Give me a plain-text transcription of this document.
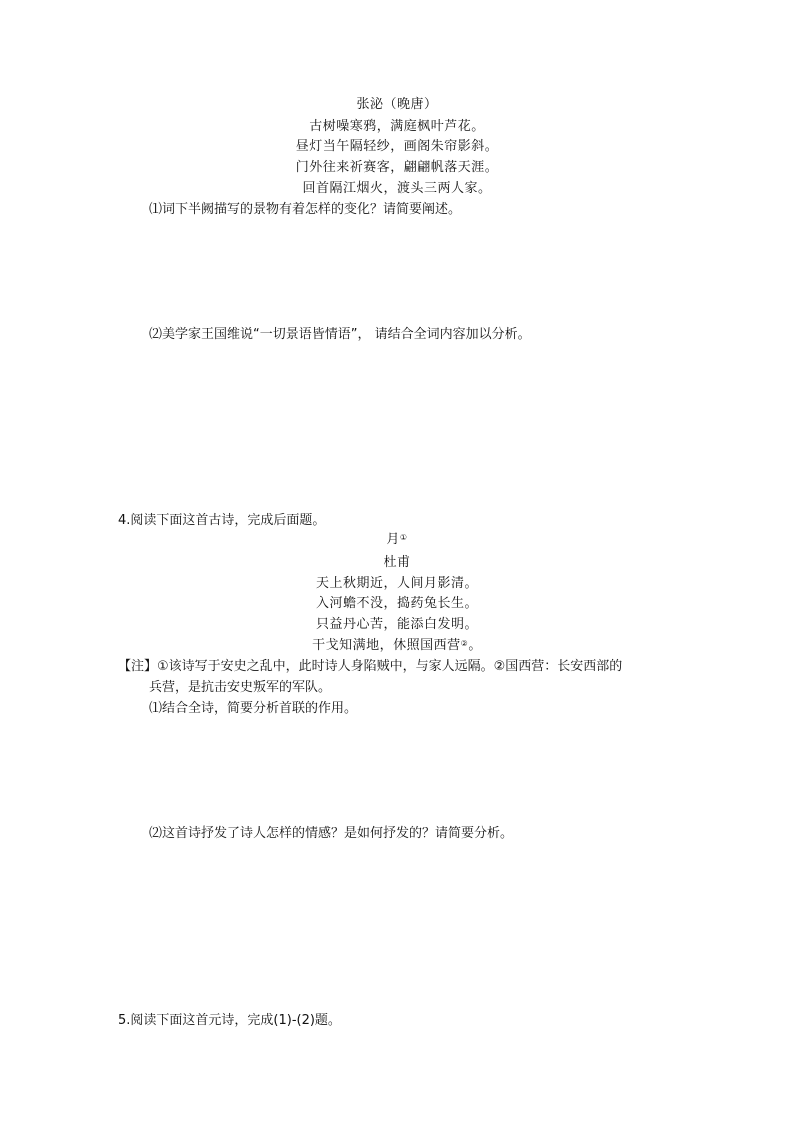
张泌（晚唐）
古树噪寒鸦，满庭枫叶芦花。
昼灯当午隔轻纱，画阁朱帘影斜。
门外往来祈赛客，翩翩帆落天涯。
回首隔江烟火，渡头三两人家。
⑴词下半阙描写的景物有着怎样的变化？请简要阐述。
⑵美学家王国维说“一切景语皆情语”， 请结合全词内容加以分析。
4.阅读下面这首古诗，完成后面题。
月①
杜甫
天上秋期近，人间月影清。
入河蟾不没，捣药兔长生。
只益丹心苦，能添白发明。
干戈知满地，休照国西营②。
【注】①该诗写于安史之乱中，此时诗人身陷贼中，与家人远隔。②国西营：长安西部的
兵营，是抗击安史叛军的军队。
⑴结合全诗，简要分析首联的作用。
⑵这首诗抒发了诗人怎样的情感？是如何抒发的？请简要分析。
5.阅读下面这首元诗，完成(1)-(2)题。
